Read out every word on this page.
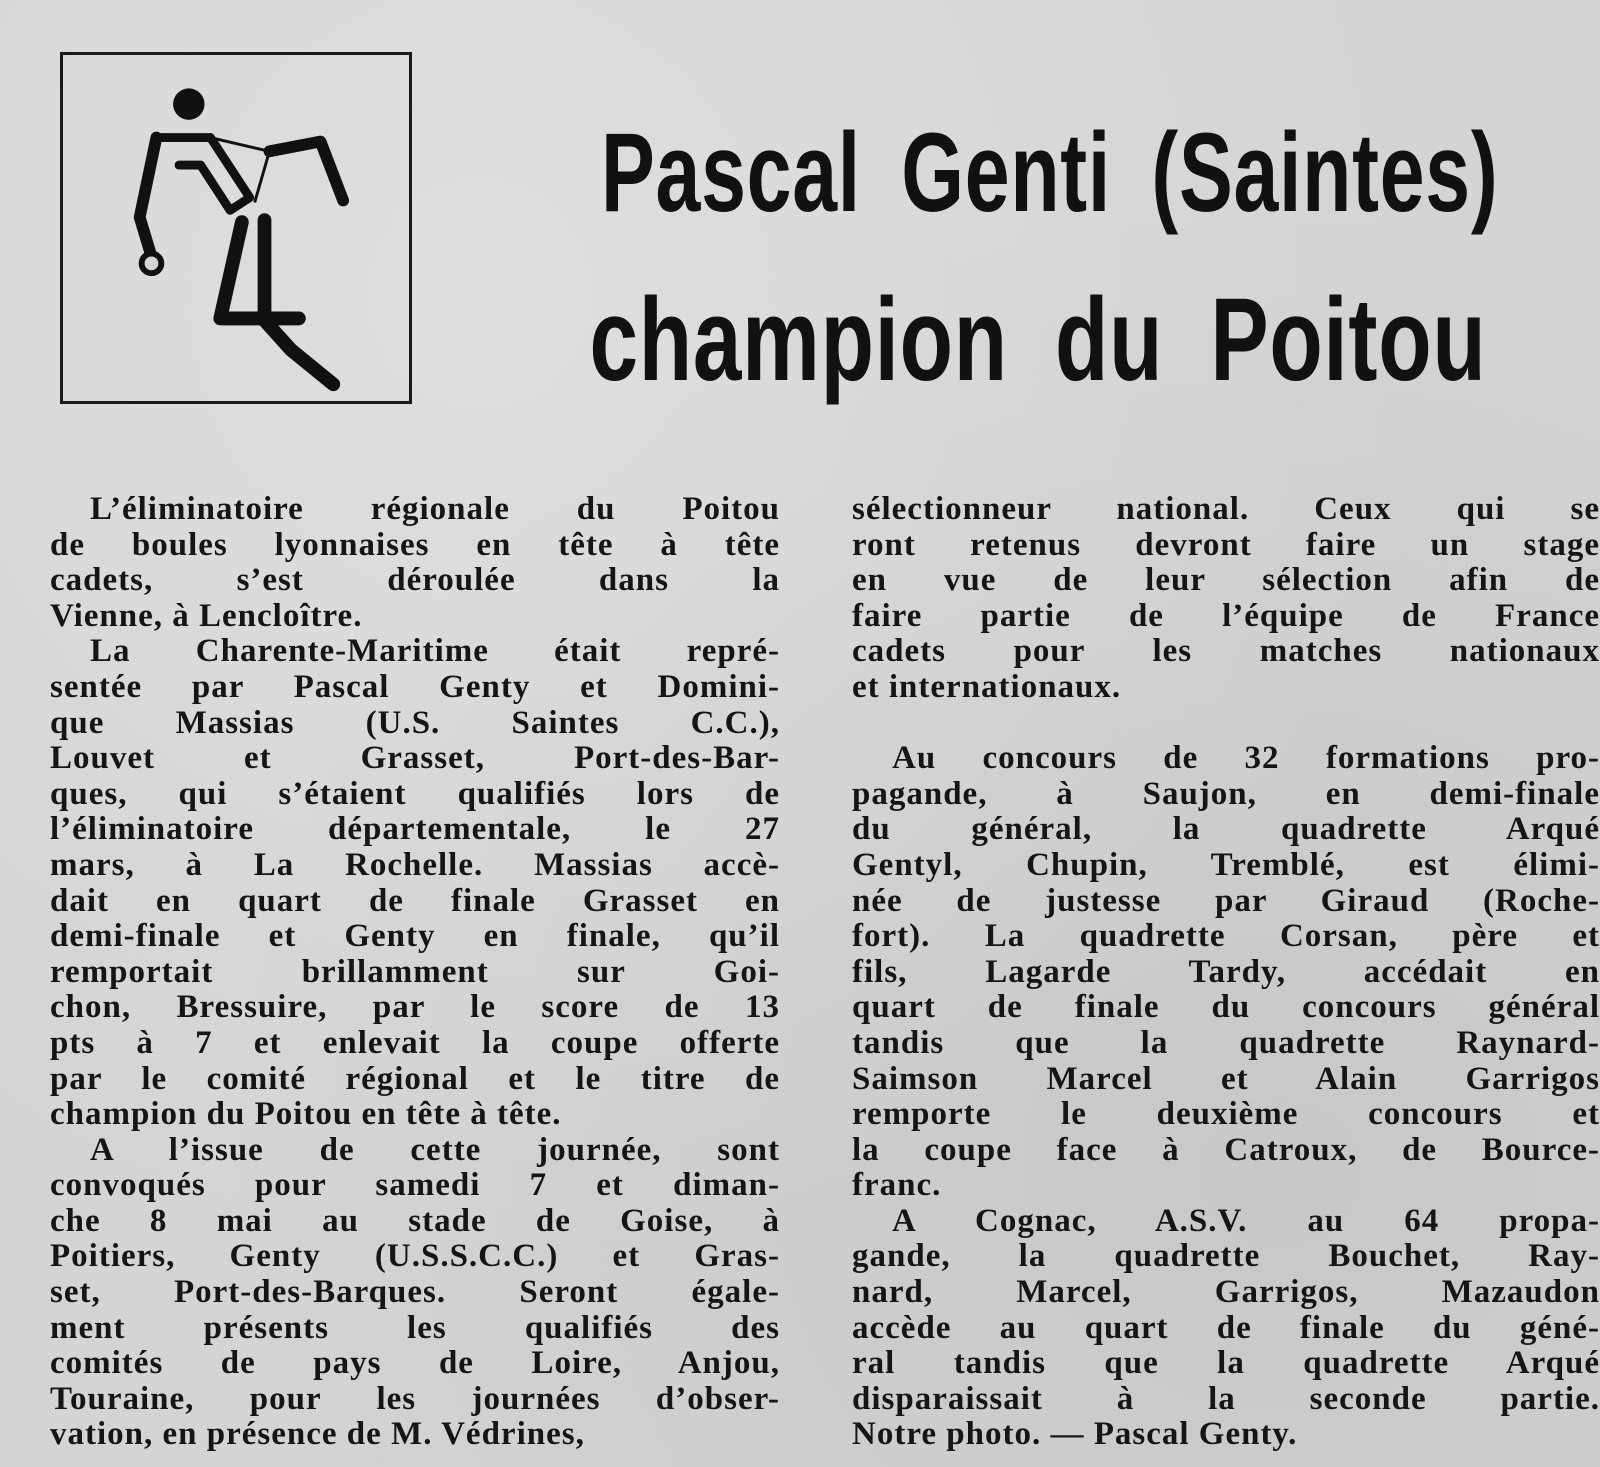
Pascal Genti (Saintes)
champion du Poitou
L’éliminatoire régionale du Poitou
de boules lyonnaises en tête à tête
cadets, s’est déroulée dans la
Vienne, à Lencloître.
La Charente-Maritime était repré-
sentée par Pascal Genty et Domini-
que Massias (U.S. Saintes C.C.),
Louvet et Grasset, Port-des-Bar-
ques, qui s’étaient qualifiés lors de
l’éliminatoire départementale, le 27
mars, à La Rochelle. Massias accè-
dait en quart de finale Grasset en
demi-finale et Genty en finale, qu’il
remportait brillamment sur Goi-
chon, Bressuire, par le score de 13
pts à 7 et enlevait la coupe offerte
par le comité régional et le titre de
champion du Poitou en tête à tête.
A l’issue de cette journée, sont
convoqués pour samedi 7 et diman-
che 8 mai au stade de Goise, à
Poitiers, Genty (U.S.S.C.C.) et Gras-
set, Port-des-Barques. Seront égale-
ment présents les qualifiés des
comités de pays de Loire, Anjou,
Touraine, pour les journées d’obser-
vation, en présence de M. Védrines,
sélectionneur national. Ceux qui se
ront retenus devront faire un stage
en vue de leur sélection afin de
faire partie de l’équipe de France
cadets pour les matches nationaux
et internationaux.
Au concours de 32 formations pro-
pagande, à Saujon, en demi-finale
du général, la quadrette Arqué
Gentyl, Chupin, Tremblé, est élimi-
née de justesse par Giraud (Roche-
fort). La quadrette Corsan, père et
fils, Lagarde Tardy, accédait en
quart de finale du concours général
tandis que la quadrette Raynard-
Saimson Marcel et Alain Garrigos
remporte le deuxième concours et
la coupe face à Catroux, de Bource-
franc.
A Cognac, A.S.V. au 64 propa-
gande, la quadrette Bouchet, Ray-
nard, Marcel, Garrigos, Mazaudon
accède au quart de finale du géné-
ral tandis que la quadrette Arqué
disparaissait à la seconde partie.
Notre photo. — Pascal Genty.
